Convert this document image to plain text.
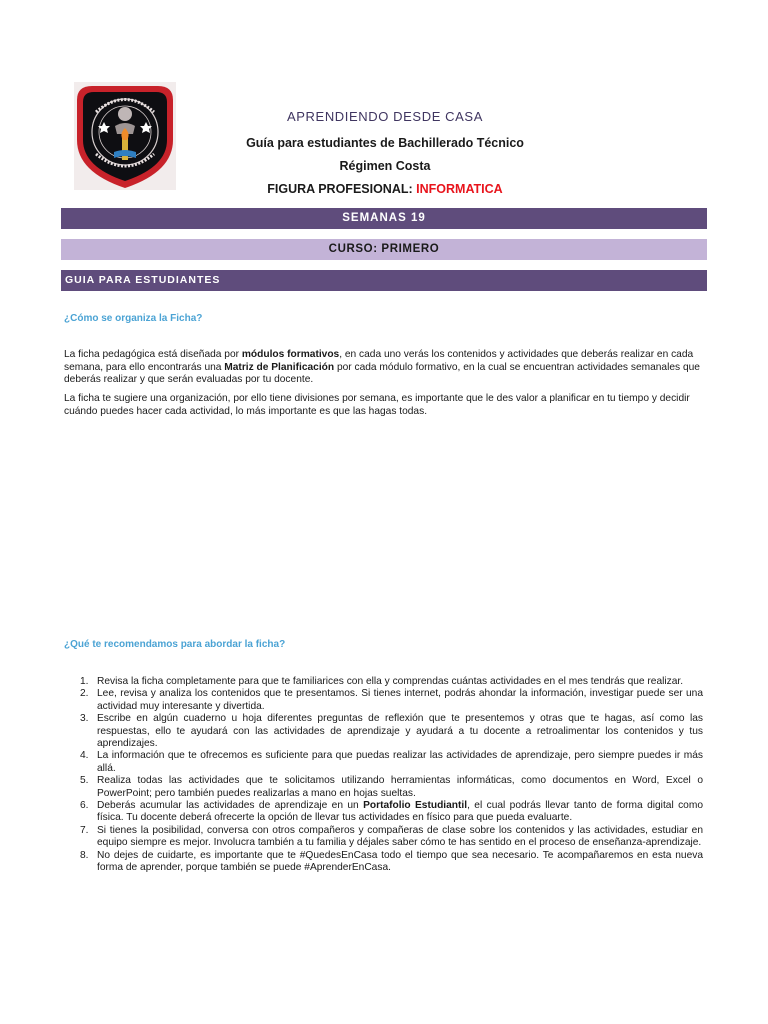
APRENDIENDO DESDE CASA
Guía para estudiantes de Bachillerado Técnico
Régimen Costa
FIGURA PROFESIONAL: INFORMATICA
SEMANAS 19
CURSO: PRIMERO
GUIA PARA ESTUDIANTES
¿Cómo se organiza la Ficha?
La ficha pedagógica está diseñada por módulos formativos, en cada uno verás los contenidos y actividades que deberás realizar en cada semana, para ello encontrarás una Matriz de Planificación por cada módulo formativo, en la cual se encuentran actividades semanales que deberás realizar y que serán evaluadas por tu docente.
La ficha te sugiere una organización, por ello tiene divisiones por semana, es importante que le des valor a planificar en tu tiempo y decidir cuándo puedes hacer cada actividad, lo más importante es que las hagas todas.
¿Qué te recomendamos para abordar la ficha?
1. Revisa la ficha completamente para que te familiarices con ella y comprendas cuántas actividades en el mes tendrás que realizar.
2. Lee, revisa y analiza los contenidos que te presentamos. Si tienes internet, podrás ahondar la información, investigar puede ser una actividad muy interesante y divertida.
3. Escribe en algún cuaderno u hoja diferentes preguntas de reflexión que te presentemos y otras que te hagas, así como las respuestas, ello te ayudará con las actividades de aprendizaje y ayudará a tu docente a retroalimentar los contenidos y tus aprendizajes.
4. La información que te ofrecemos es suficiente para que puedas realizar las actividades de aprendizaje, pero siempre puedes ir más allá.
5. Realiza todas las actividades que te solicitamos utilizando herramientas informáticas, como documentos en Word, Excel o PowerPoint; pero también puedes realizarlas a mano en hojas sueltas.
6. Deberás acumular las actividades de aprendizaje en un Portafolio Estudiantil, el cual podrás llevar tanto de forma digital como física. Tu docente deberá ofrecerte la opción de llevar tus actividades en físico para que pueda evaluarte.
7. Si tienes la posibilidad, conversa con otros compañeros y compañeras de clase sobre los contenidos y las actividades, estudiar en equipo siempre es mejor. Involucra también a tu familia y déjales saber cómo te has sentido en el proceso de enseñanza-aprendizaje.
8. No dejes de cuidarte, es importante que te #QuedesEnCasa todo el tiempo que sea necesario. Te acompañaremos en esta nueva forma de aprender, porque también se puede #AprenderEnCasa.
